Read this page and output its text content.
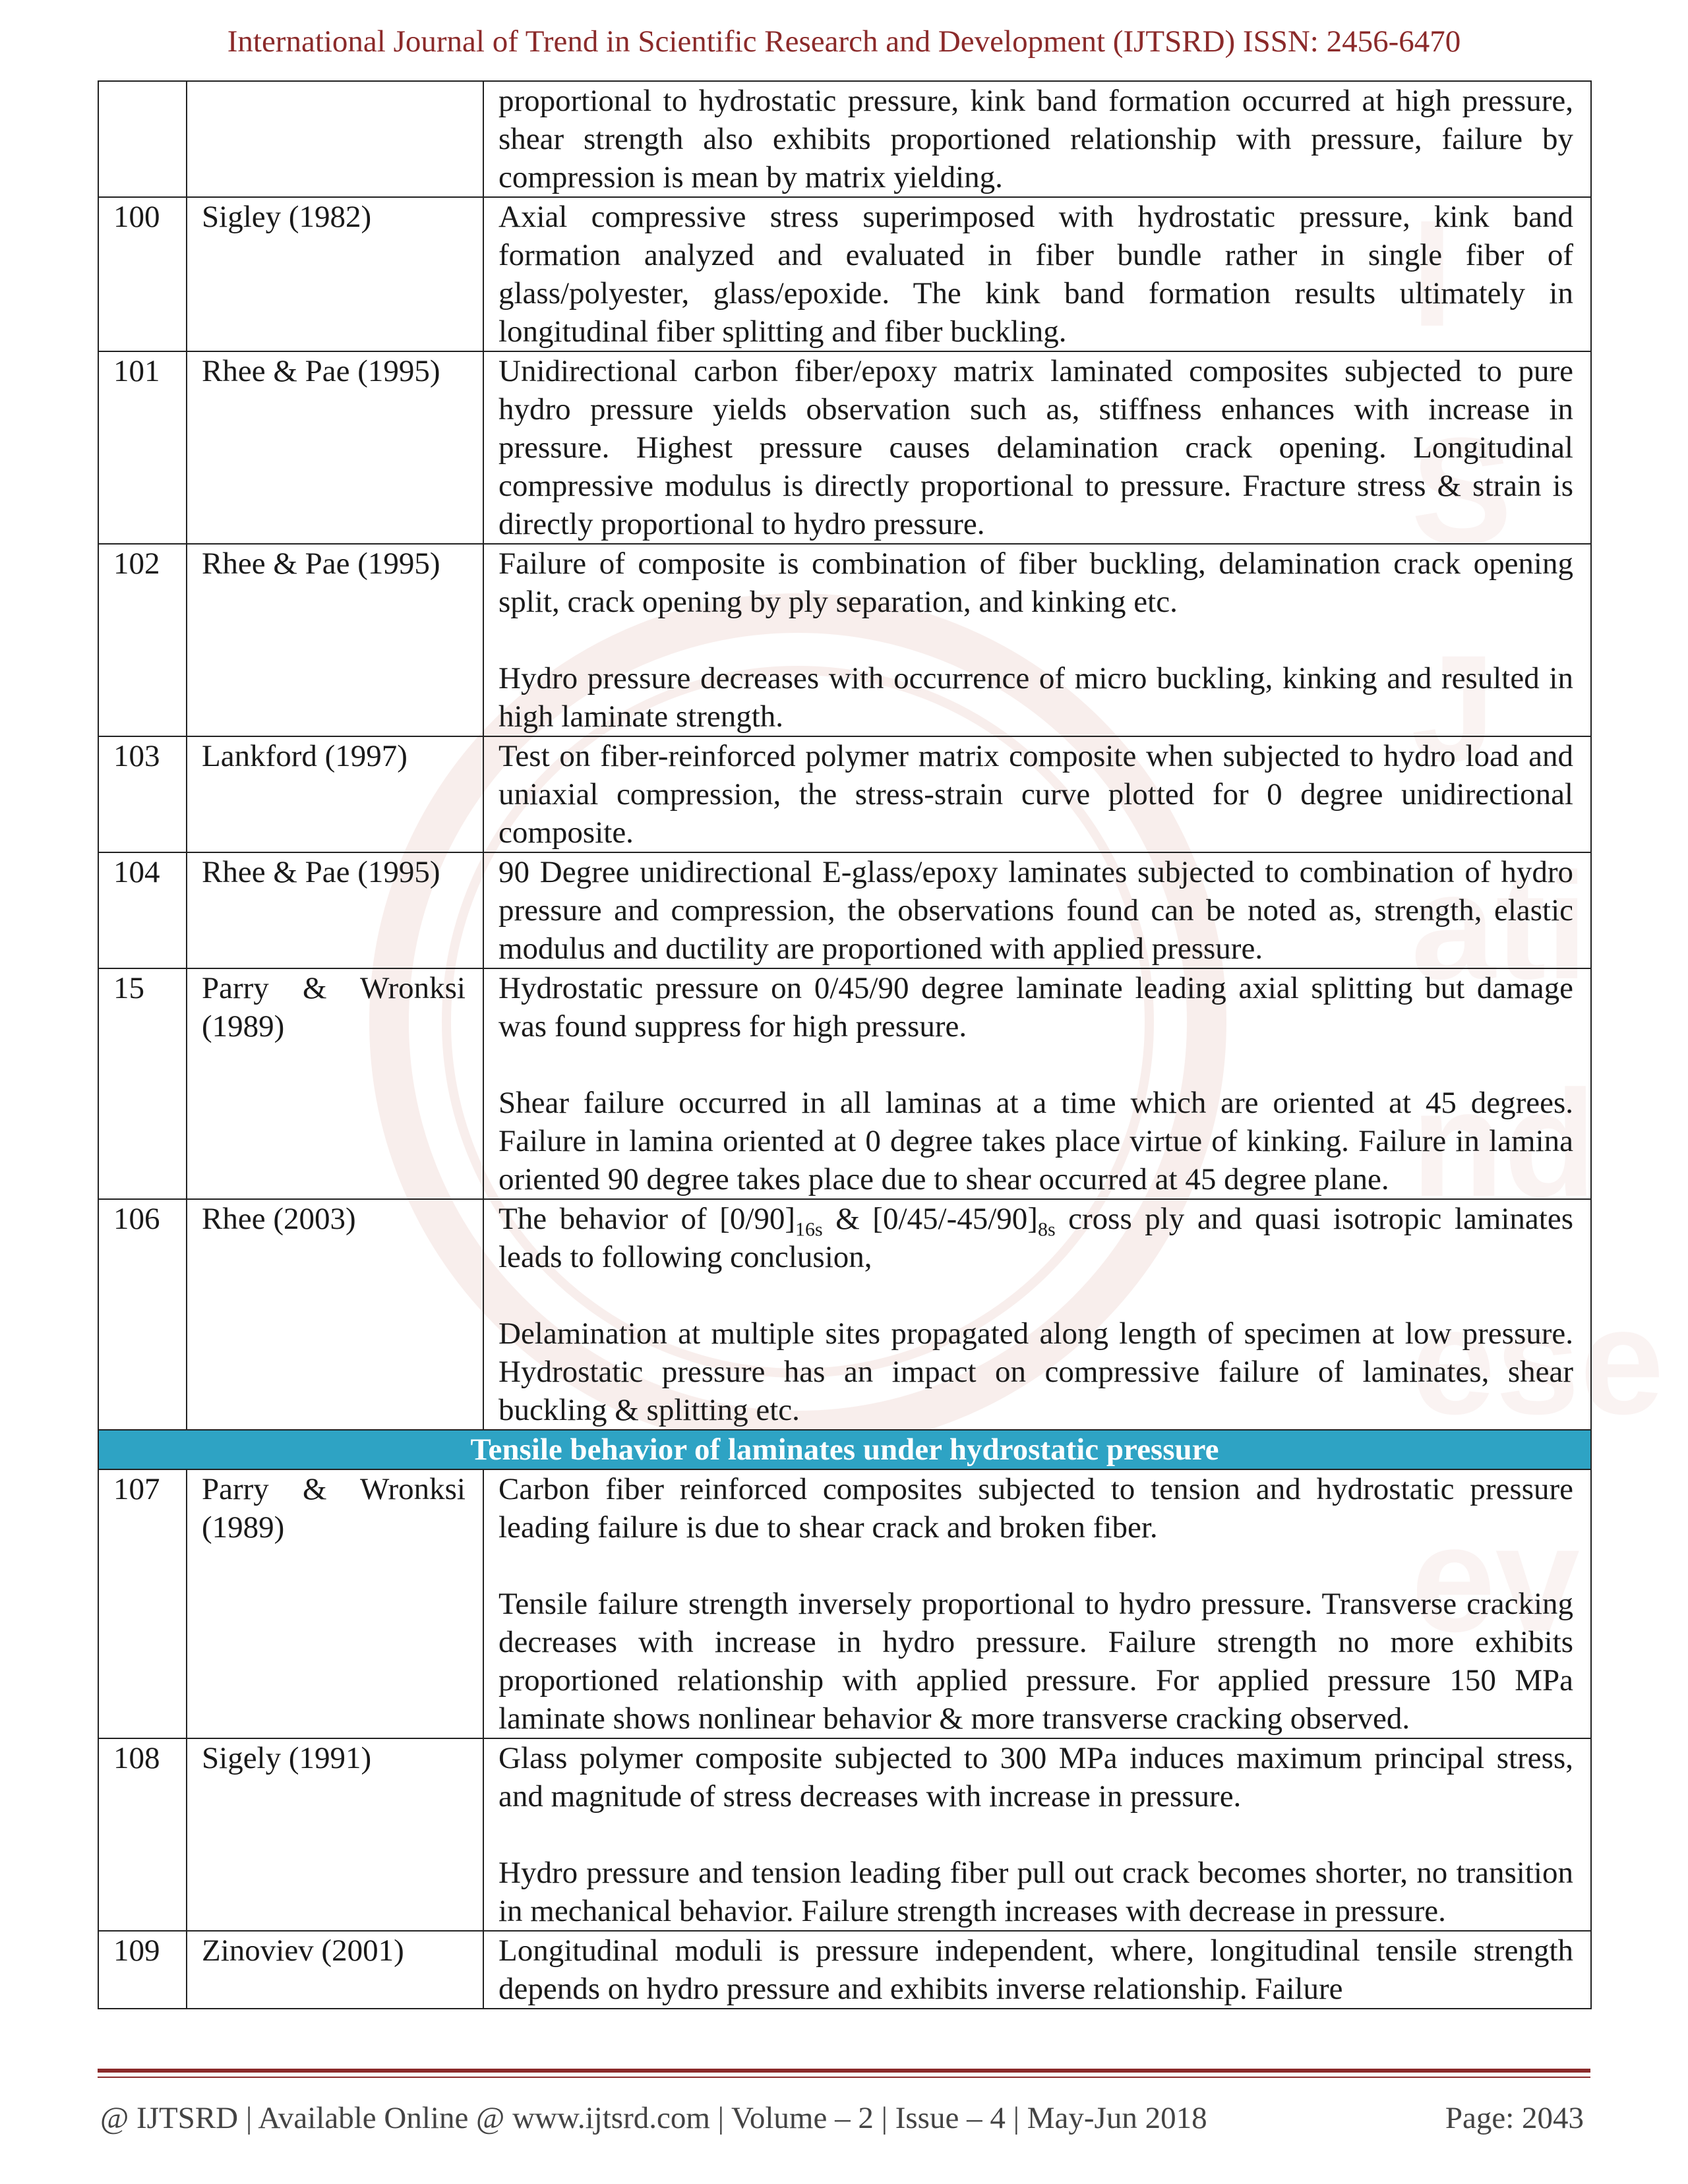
I
S
J
ati
nd
ese
ev
International Journal of Trend in Scientific Research and Development (IJTSRD) ISSN: 2456-6470

		proportional to hydrostatic pressure, kink band formation occurred at high pressure, shear strength also exhibits proportioned relationship with pressure, failure by compression is mean by matrix yielding.

100	Sigley (1982)	Axial compressive stress superimposed with hydrostatic pressure, kink band formation analyzed and evaluated in fiber bundle rather in single fiber of glass/polyester, glass/epoxide. The kink band formation results ultimately in longitudinal fiber splitting and fiber buckling.

101	Rhee & Pae (1995)	Unidirectional carbon fiber/epoxy matrix laminated composites subjected to pure hydro pressure yields observation such as, stiffness enhances with increase in pressure. Highest pressure causes delamination crack opening. Longitudinal compressive modulus is directly proportional to pressure. Fracture stress & strain is directly proportional to hydro pressure.

102	Rhee & Pae (1995)	Failure of composite is combination of fiber buckling, delamination crack opening split, crack opening by ply separation, and kinking etc.

Hydro pressure decreases with occurrence of micro buckling, kinking and resulted in high laminate strength.

103	Lankford (1997)	Test on fiber-reinforced polymer matrix composite when subjected to hydro load and uniaxial compression, the stress-strain curve plotted for 0 degree unidirectional composite.

104	Rhee & Pae (1995)	90 Degree unidirectional E-glass/epoxy laminates subjected to combination of hydro pressure and compression, the observations found can be noted as, strength, elastic modulus and ductility are proportioned with applied pressure.

15	Parry & Wronksi (1989)	Hydrostatic pressure on 0/45/90 degree laminate leading axial splitting but damage was found suppress for high pressure.

Shear failure occurred in all laminas at a time which are oriented at 45 degrees. Failure in lamina oriented at 0 degree takes place virtue of kinking. Failure in lamina oriented 90 degree takes place due to shear occurred at 45 degree plane.

106	Rhee (2003)	The behavior of $[0/90]_{16s}$ & $[0/45/-45/90]_{8s}$ cross ply and quasi isotropic laminates leads to following conclusion,

Delamination at multiple sites propagated along length of specimen at low pressure. Hydrostatic pressure has an impact on compressive failure of laminates, shear buckling & splitting etc.

Tensile behavior of laminates under hydrostatic pressure		
107	Parry & Wronksi (1989)	Carbon fiber reinforced composites subjected to tension and hydrostatic pressure leading failure is due to shear crack and broken fiber.

Tensile failure strength inversely proportional to hydro pressure. Transverse cracking decreases with increase in hydro pressure. Failure strength no more exhibits proportioned relationship with applied pressure. For applied pressure 150 MPa laminate shows nonlinear behavior & more transverse cracking observed.

108	Sigely (1991)	Glass polymer composite subjected to 300 MPa induces maximum principal stress, and magnitude of stress decreases with increase in pressure.

Hydro pressure and tension leading fiber pull out crack becomes shorter, no transition in mechanical behavior. Failure strength increases with decrease in pressure.

109	Zinoviev (2001)	Longitudinal moduli is pressure independent, where, longitudinal tensile strength depends on hydro pressure and exhibits inverse relationship. Failure

@ IJTSRD | Available Online @ www.ijtsrd.com | Volume – 2 | Issue – 4 | May-Jun 2018	Page: 2043
